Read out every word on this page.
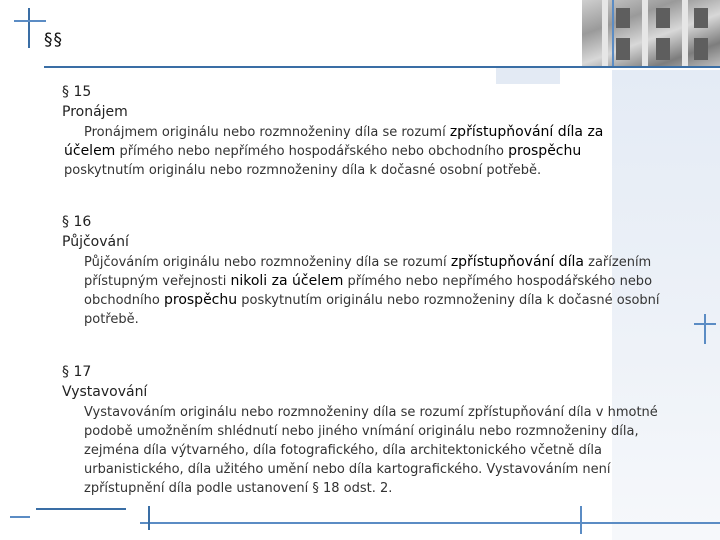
§§
§ 15
Pronájem
Pronájmem originálu nebo rozmnoženiny díla se rozumí zpřístupňování díla za účelem přímého nebo nepřímého hospodářského nebo obchodního prospěchu poskytnutím originálu nebo rozmnoženiny díla k dočasné osobní potřebě.
§ 16
Půjčování
Půjčováním originálu nebo rozmnoženiny díla se rozumí zpřístupňování díla zařízením přístupným veřejnosti nikoli za účelem přímého nebo nepřímého hospodářského nebo obchodního prospěchu poskytnutím originálu nebo rozmnoženiny díla k dočasné osobní potřebě.
§ 17
Vystavování
Vystavováním originálu nebo rozmnoženiny díla se rozumí zpřístupňování díla v hmotné podobě umožněním shlédnutí nebo jiného vnímání originálu nebo rozmnoženiny díla, zejména díla výtvarného, díla fotografického, díla architektonického včetně díla urbanistického, díla užitého umění nebo díla kartografického. Vystavováním není zpřístupnění díla podle ustanovení § 18 odst. 2.
